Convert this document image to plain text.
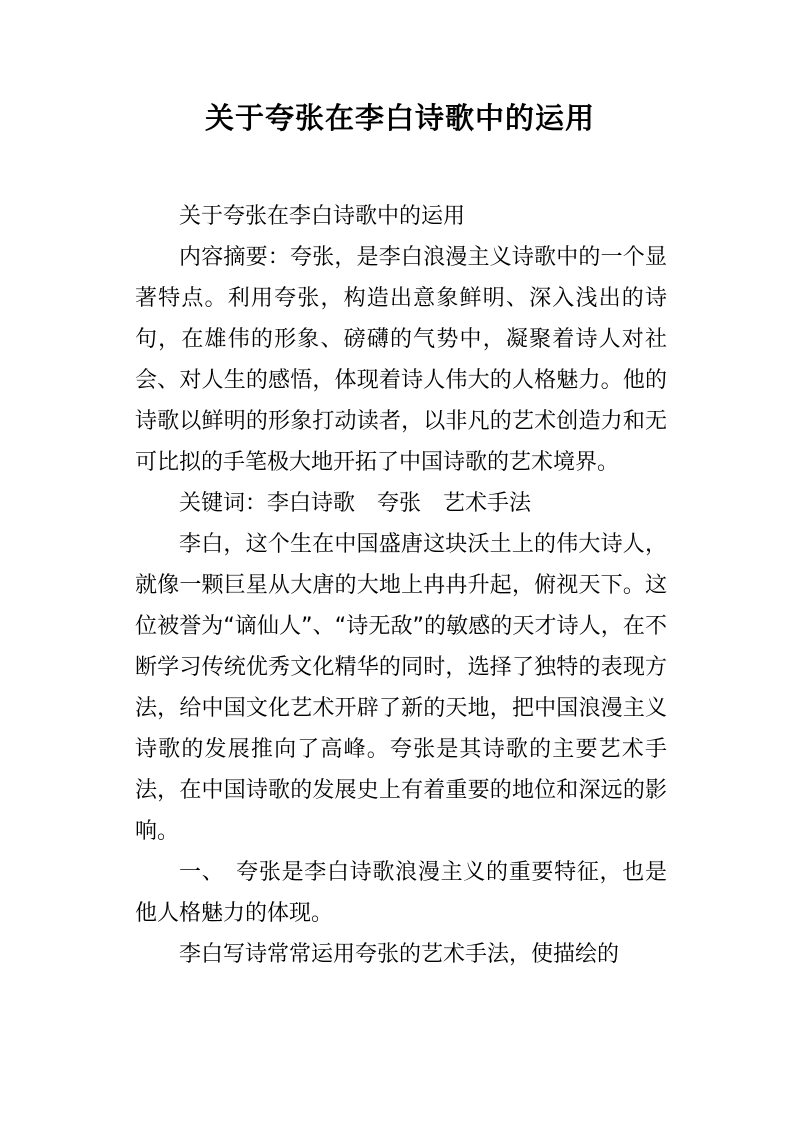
关于夸张在李白诗歌中的运用

关于夸张在李白诗歌中的运用

内容摘要：夸张，是李白浪漫主义诗歌中的一个显著特点。利用夸张，构造出意象鲜明、深入浅出的诗句，在雄伟的形象、磅礴的气势中，凝聚着诗人对社会、对人生的感悟，体现着诗人伟大的人格魅力。他的诗歌以鲜明的形象打动读者，以非凡的艺术创造力和无可比拟的手笔极大地开拓了中国诗歌的艺术境界。

关键词：李白诗歌　夸张　艺术手法

李白，这个生在中国盛唐这块沃土上的伟大诗人，就像一颗巨星从大唐的大地上冉冉升起，俯视天下。这位被誉为“谪仙人”、“诗无敌”的敏感的天才诗人，在不断学习传统优秀文化精华的同时，选择了独特的表现方法，给中国文化艺术开辟了新的天地，把中国浪漫主义诗歌的发展推向了高峰。夸张是其诗歌的主要艺术手法，在中国诗歌的发展史上有着重要的地位和深远的影响。

一、　夸张是李白诗歌浪漫主义的重要特征，也是他人格魅力的体现。

李白写诗常常运用夸张的艺术手法，使描绘的
